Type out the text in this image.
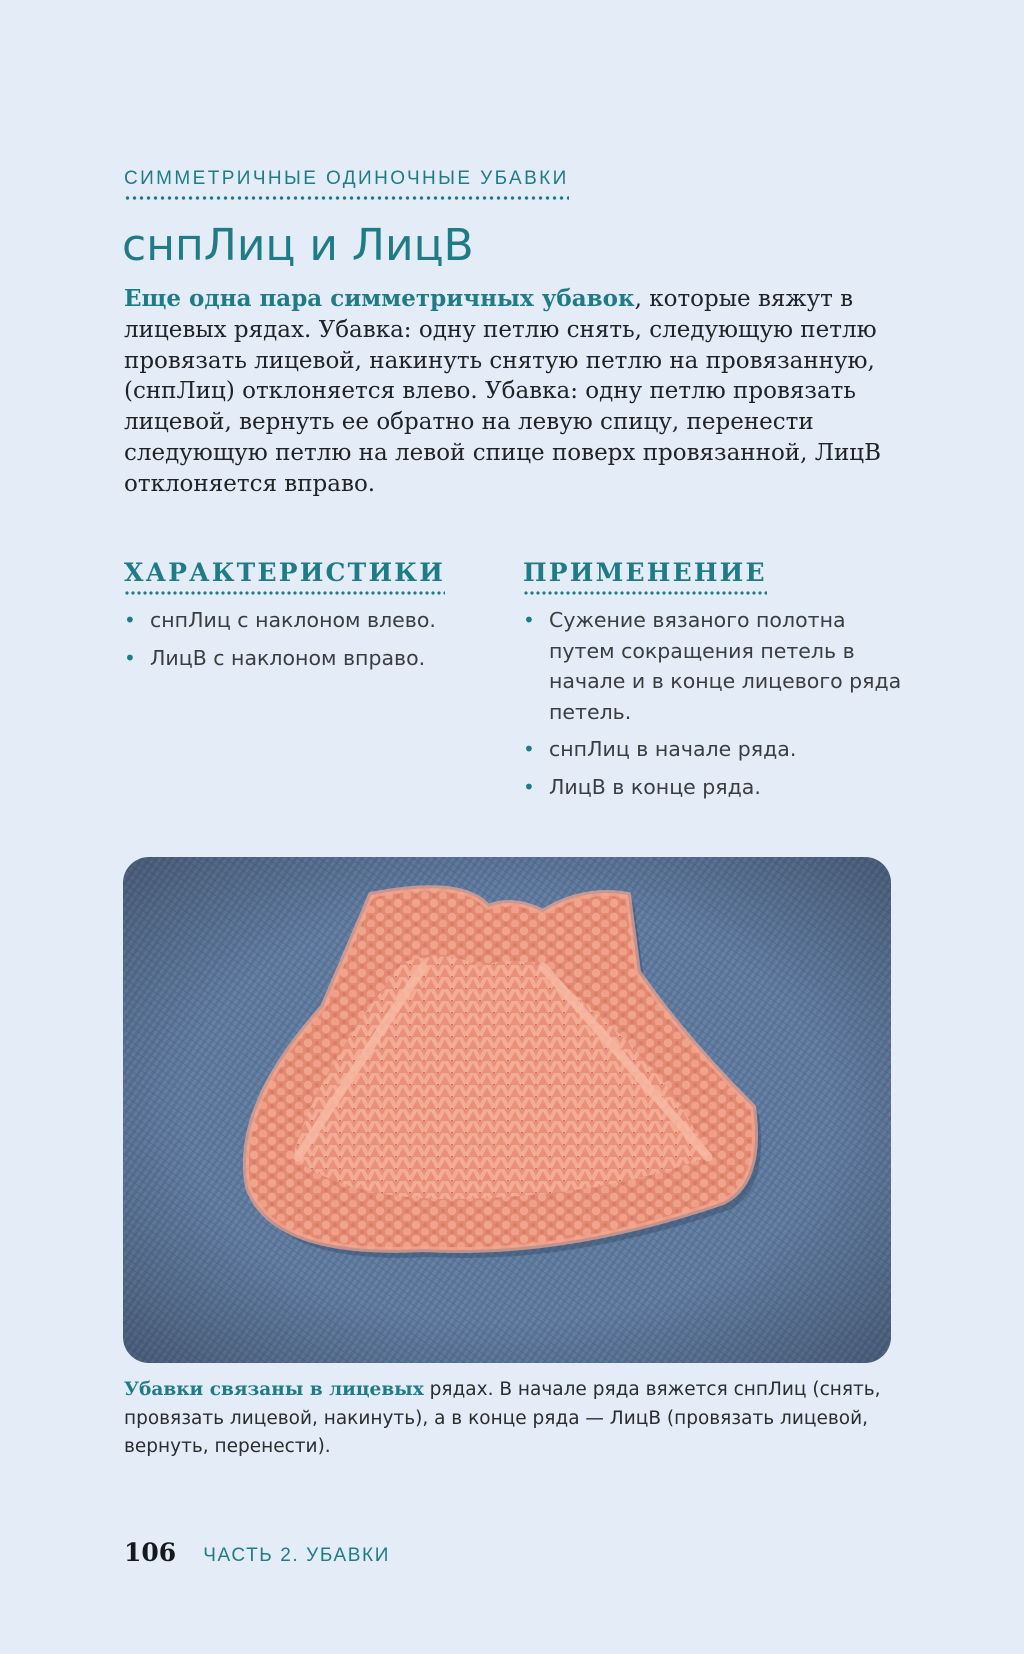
СИММЕТРИЧНЫЕ ОДИНОЧНЫЕ УБАВКИ
снпЛиц и ЛицВ

Еще одна пара симметричных убавок, которые вяжут в лицевых рядах. Убавка: одну петлю снять, следующую петлю провязать лицевой, накинуть снятую петлю на провязанную, (снпЛиц) отклоняется влево. Убавка: одну петлю провязать лицевой, вернуть ее обратно на левую спицу, перенести следующую петлю на левой спице поверх провязанной, ЛицВ отклоняется вправо.

ХАРАКТЕРИСТИКИ
• снпЛиц с наклоном влево.
• ЛицВ с наклоном вправо.
ПРИМЕНЕНИЕ
• Сужение вязаного полотна путем сокращения петель в начале и в конце лицевого ряда петель.
• снпЛиц в начале ряда.
• ЛицВ в конце ряда.

Убавки связаны в лицевых рядах. В начале ряда вяжется снпЛиц (снять, провязать лицевой, накинуть), а в конце ряда — ЛицВ (провязать лицевой, вернуть, перенести).

106 ЧАСТЬ 2. УБАВКИ
